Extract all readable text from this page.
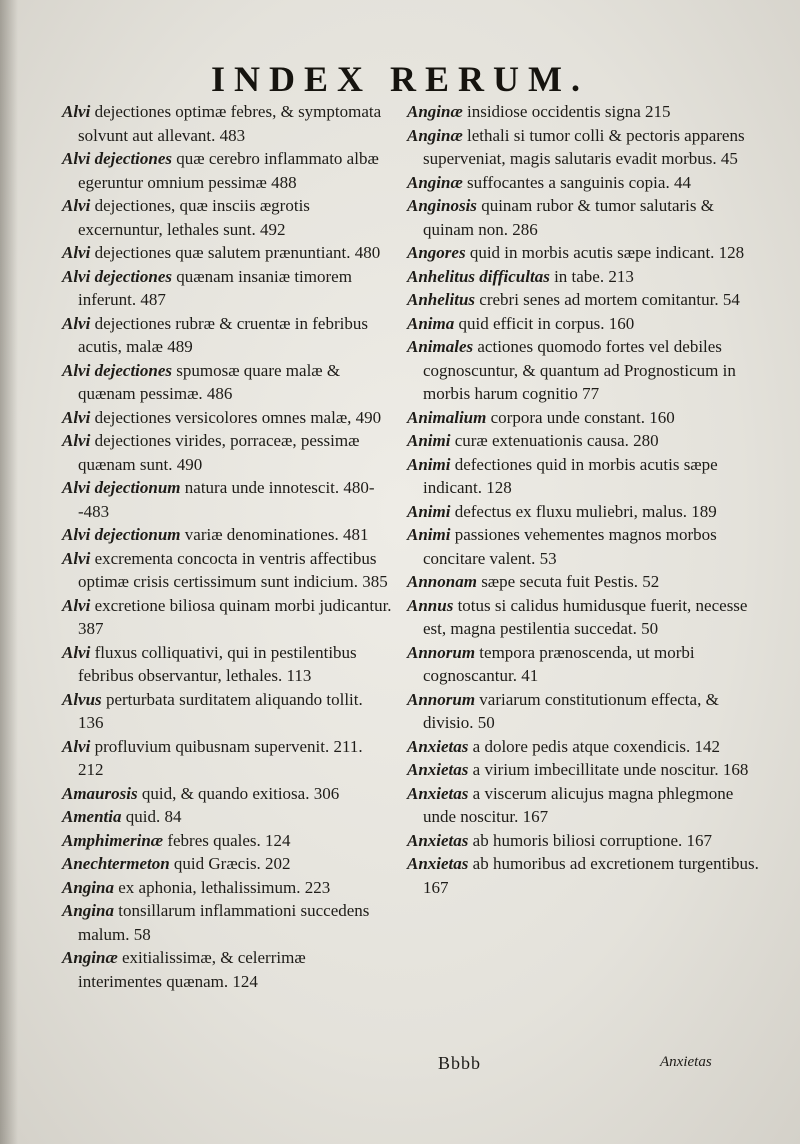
INDEX RERUM.

Alvi dejectiones optimæ febres, & symptomata solvunt aut allevant. 483

Alvi dejectiones quæ cerebro inflammato albæ egeruntur omnium pessimæ 488

Alvi dejectiones, quæ insciis ægrotis excernuntur, lethales sunt. 492

Alvi dejectiones quæ salutem prænuntiant. 480

Alvi dejectiones quænam insaniæ timorem inferunt. 487

Alvi dejectiones rubræ & cruentæ in febribus acutis, malæ 489

Alvi dejectiones spumosæ quare malæ & quænam pessimæ. 486

Alvi dejectiones versicolores omnes malæ, 490

Alvi dejectiones virides, porraceæ, pessimæ quænam sunt. 490

Alvi dejectionum natura unde innotescit. 480--483

Alvi dejectionum variæ denominationes. 481

Alvi excrementa concocta in ventris affectibus optimæ crisis certissimum sunt indicium. 385

Alvi excretione biliosa quinam morbi judicantur. 387

Alvi fluxus colliquativi, qui in pestilentibus febribus observantur, lethales. 113

Alvus perturbata surditatem aliquando tollit. 136

Alvi profluvium quibusnam supervenit. 211. 212

Amaurosis quid, & quando exitiosa. 306

Amentia quid. 84

Amphimerinæ febres quales. 124

Anechtermeton quid Græcis. 202

Angina ex aphonia, lethalissimum. 223

Angina tonsillarum inflammationi succedens malum. 58

Anginæ exitialissimæ, & celerrimæ interimentes quænam. 124

Anginæ insidiose occidentis signa 215

Anginæ lethali si tumor colli & pectoris apparens superveniat, magis salutaris evadit morbus. 45

Anginæ suffocantes a sanguinis copia. 44

Anginosis quinam rubor & tumor salutaris & quinam non. 286

Angores quid in morbis acutis sæpe indicant. 128

Anhelitus difficultas in tabe. 213

Anhelitus crebri senes ad mortem comitantur. 54

Anima quid efficit in corpus. 160

Animales actiones quomodo fortes vel debiles cognoscuntur, & quantum ad Prognosticum in morbis harum cognitio 77

Animalium corpora unde constant. 160

Animi curæ extenuationis causa. 280

Animi defectiones quid in morbis acutis sæpe indicant. 128

Animi defectus ex fluxu muliebri, malus. 189

Animi passiones vehementes magnos morbos concitare valent. 53

Annonam sæpe secuta fuit Pestis. 52

Annus totus si calidus humidusque fuerit, necesse est, magna pestilentia succedat. 50

Annorum tempora prænoscenda, ut morbi cognoscantur. 41

Annorum variarum constitutionum effecta, & divisio. 50

Anxietas a dolore pedis atque coxendicis. 142

Anxietas a virium imbecillitate unde noscitur. 168

Anxietas a viscerum alicujus magna phlegmone unde noscitur. 167

Anxietas ab humoris biliosi corruptione. 167

Anxietas ab humoribus ad excretionem turgentibus. 167

Bbbb	Anxietas
